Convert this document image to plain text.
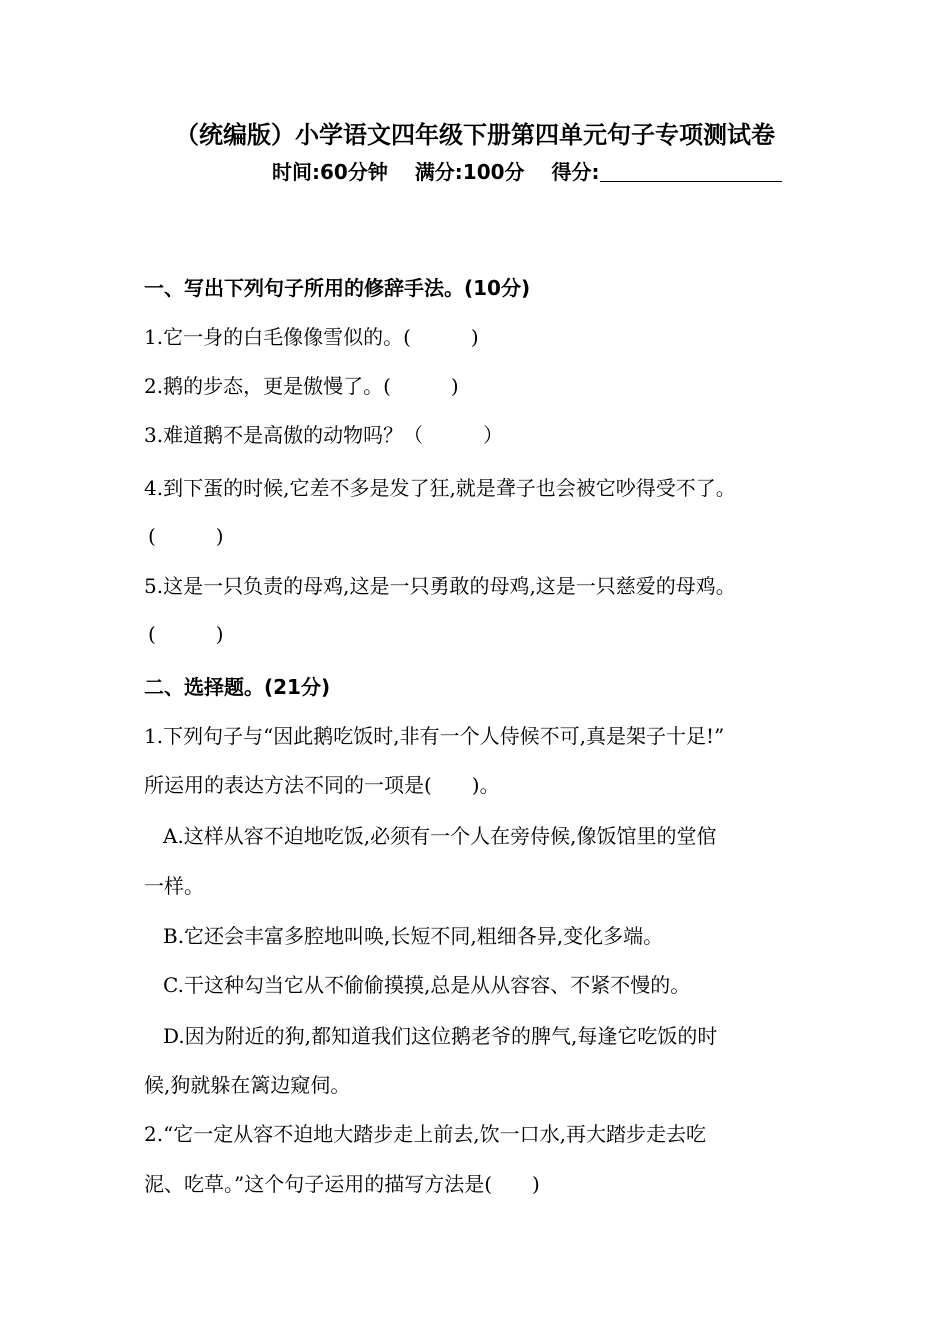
（统编版）小学语文四年级下册第四单元句子专项测试卷
时间:60分钟 满分:100分 得分:
一、写出下列句子所用的修辞手法。(10分)
1.它一身的白毛像像雪似的。(　　　)
2.鹅的步态，更是傲慢了。(　　　)
3.难道鹅不是高傲的动物吗？（　　　）
4.到下蛋的时候,它差不多是发了狂,就是聋子也会被它吵得受不了。
(　　　)
5.这是一只负责的母鸡,这是一只勇敢的母鸡,这是一只慈爱的母鸡。
(　　　)
二、选择题。(21分)
1.下列句子与“因此鹅吃饭时,非有一个人侍候不可,真是架子十足!”
所运用的表达方法不同的一项是(　　)。
A.这样从容不迫地吃饭,必须有一个人在旁侍候,像饭馆里的堂倌
一样。
B.它还会丰富多腔地叫唤,长短不同,粗细各异,变化多端。
C.干这种勾当它从不偷偷摸摸,总是从从容容、不紧不慢的。
D.因为附近的狗,都知道我们这位鹅老爷的脾气,每逢它吃饭的时
候,狗就躲在篱边窥伺。
2.“它一定从容不迫地大踏步走上前去,饮一口水,再大踏步走去吃
泥、吃草。”这个句子运用的描写方法是(　　)
